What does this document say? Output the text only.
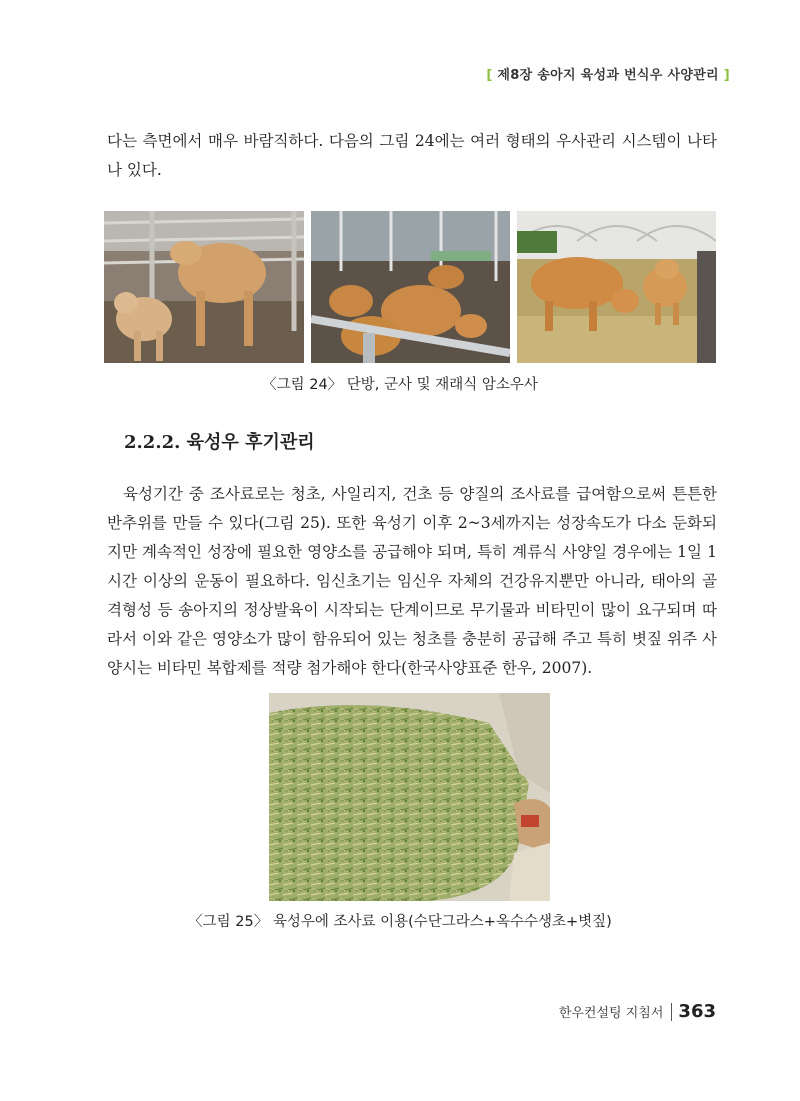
[ 제8장 송아지 육성과 번식우 사양관리 ]

다는 측면에서 매우 바람직하다. 다음의 그림 24에는 여러 형태의 우사관리 시스템이 나타나 있다.

〈그림 24〉 단방, 군사 및 재래식 암소우사
2.2.2. 육성우 후기관리

육성기간 중 조사료로는 청초, 사일리지, 건초 등 양질의 조사료를 급여함으로써 튼튼한 반추위를 만들 수 있다(그림 25). 또한 육성기 이후 2~3세까지는 성장속도가 다소 둔화되지만 계속적인 성장에 필요한 영양소를 공급해야 되며, 특히 계류식 사양일 경우에는 1일 1시간 이상의 운동이 필요하다. 임신초기는 임신우 자체의 건강유지뿐만 아니라, 태아의 골격형성 등 송아지의 정상발육이 시작되는 단계이므로 무기물과 비타민이 많이 요구되며 따라서 이와 같은 영양소가 많이 함유되어 있는 청초를 충분히 공급해 주고 특히 볏짚 위주 사양시는 비타민 복합제를 적량 첨가해야 한다(한국사양표준 한우, 2007).

〈그림 25〉 육성우에 조사료 이용(수단그라스+옥수수생초+볏짚)
한우컨설팅 지침서 363
